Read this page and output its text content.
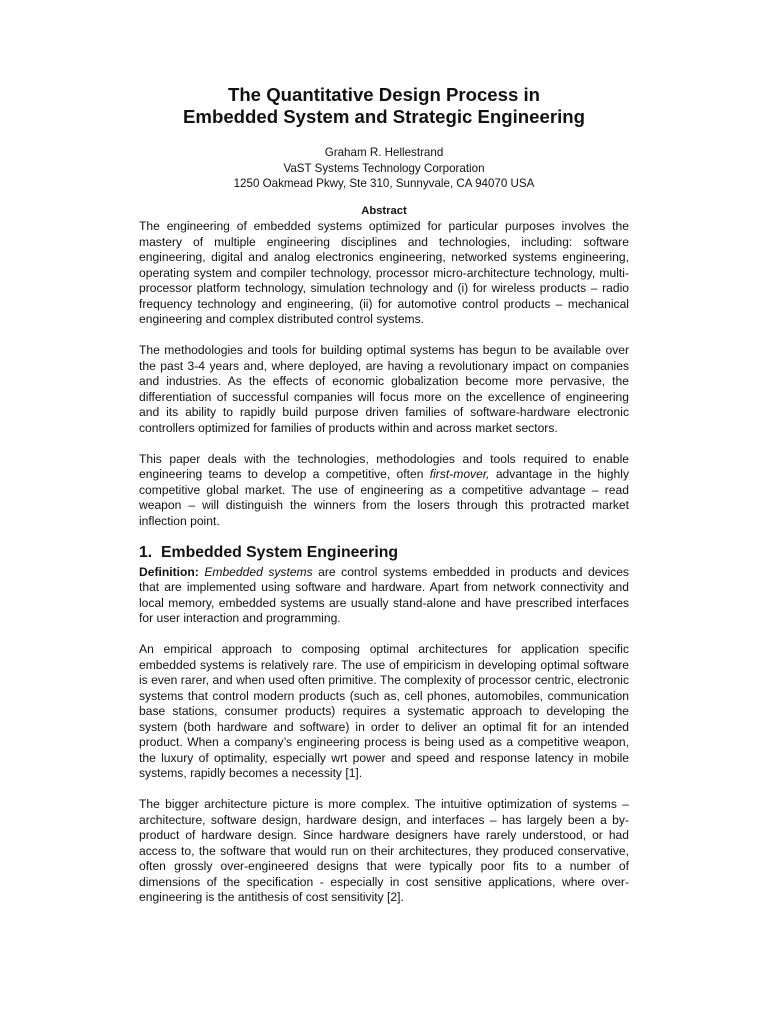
The Quantitative Design Process in
Embedded System and Strategic Engineering
Graham R. Hellestrand
VaST Systems Technology Corporation
1250 Oakmead Pkwy, Ste 310, Sunnyvale, CA 94070 USA
Abstract

The engineering of embedded systems optimized for particular purposes involves the mastery of multiple engineering disciplines and technologies, including: software engineering, digital and analog electronics engineering, networked systems engineering, operating system and compiler technology, processor micro-architecture technology, multi-processor platform technology, simulation technology and (i) for wireless products – radio frequency technology and engineering, (ii) for automotive control products – mechanical engineering and complex distributed control systems.

The methodologies and tools for building optimal systems has begun to be available over the past 3-4 years and, where deployed, are having a revolutionary impact on companies and industries. As the effects of economic globalization become more pervasive, the differentiation of successful companies will focus more on the excellence of engineering and its ability to rapidly build purpose driven families of software-hardware electronic controllers optimized for families of products within and across market sectors.

This paper deals with the technologies, methodologies and tools required to enable engineering teams to develop a competitive, often first-mover, advantage in the highly competitive global market. The use of engineering as a competitive advantage – read weapon – will distinguish the winners from the losers through this protracted market inflection point.

1. Embedded System Engineering

Definition: Embedded systems are control systems embedded in products and devices that are implemented using software and hardware. Apart from network connectivity and local memory, embedded systems are usually stand-alone and have prescribed interfaces for user interaction and programming.

An empirical approach to composing optimal architectures for application specific embedded systems is relatively rare. The use of empiricism in developing optimal software is even rarer, and when used often primitive. The complexity of processor centric, electronic systems that control modern products (such as, cell phones, automobiles, communication base stations, consumer products) requires a systematic approach to developing the system (both hardware and software) in order to deliver an optimal fit for an intended product. When a company’s engineering process is being used as a competitive weapon, the luxury of optimality, especially wrt power and speed and response latency in mobile systems, rapidly becomes a necessity [1].

The bigger architecture picture is more complex. The intuitive optimization of systems – architecture, software design, hardware design, and interfaces – has largely been a by-product of hardware design. Since hardware designers have rarely understood, or had access to, the software that would run on their architectures, they produced conservative, often grossly over-engineered designs that were typically poor fits to a number of dimensions of the specification - especially in cost sensitive applications, where over-engineering is the antithesis of cost sensitivity [2].
